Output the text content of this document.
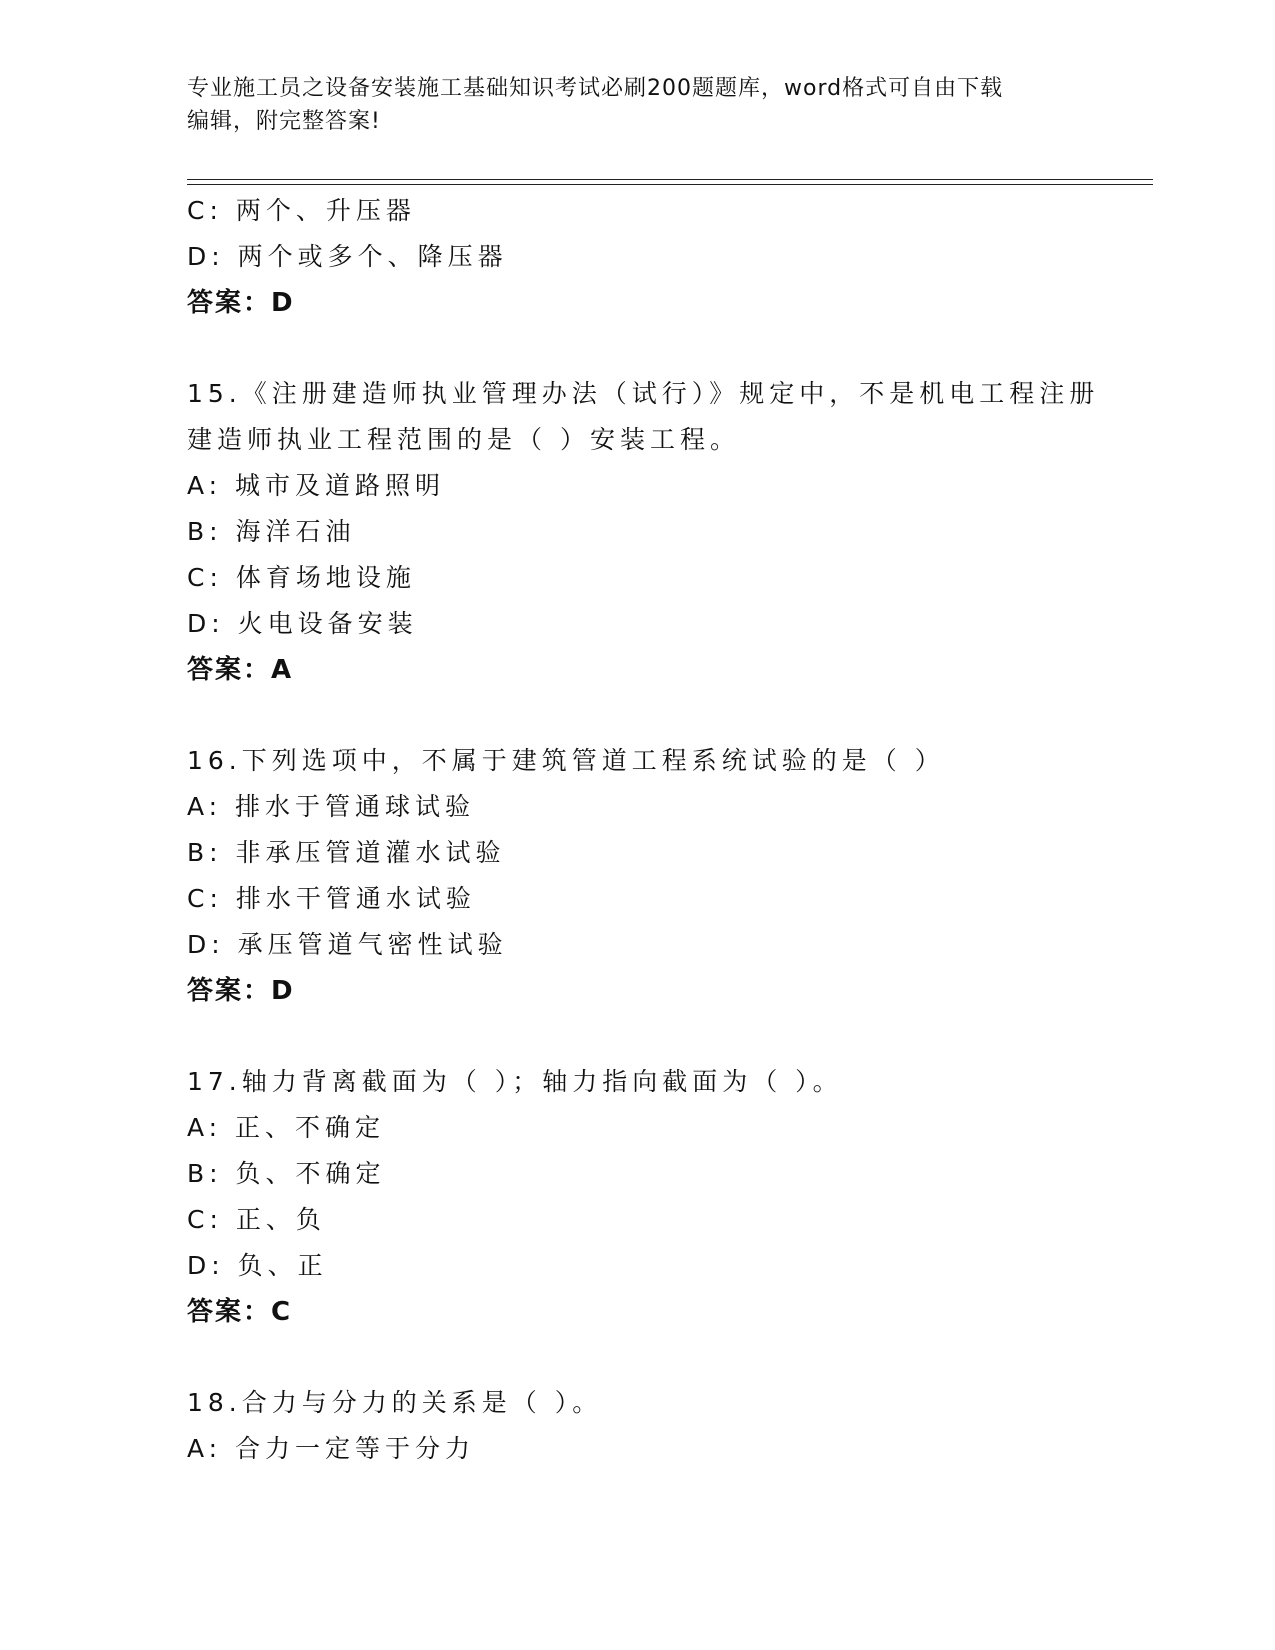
专业施工员之设备安装施工基础知识考试必刷200题题库，word格式可自由下载
编辑，附完整答案!
C: 两个、升压器
D: 两个或多个、降压器
答案：D
15.《注册建造师执业管理办法（试行）》规定中，不是机电工程注册
建造师执业工程范围的是（ ）安装工程。
A: 城市及道路照明
B: 海洋石油
C: 体育场地设施
D: 火电设备安装
答案：A
16.下列选项中，不属于建筑管道工程系统试验的是（ ）
A: 排水于管通球试验
B: 非承压管道灌水试验
C: 排水干管通水试验
D: 承压管道气密性试验
答案：D
17.轴力背离截面为（ ）；轴力指向截面为（ ）。
A: 正、不确定
B: 负、不确定
C: 正、负
D: 负、正
答案：C
18.合力与分力的关系是（ ）。
A: 合力一定等于分力
